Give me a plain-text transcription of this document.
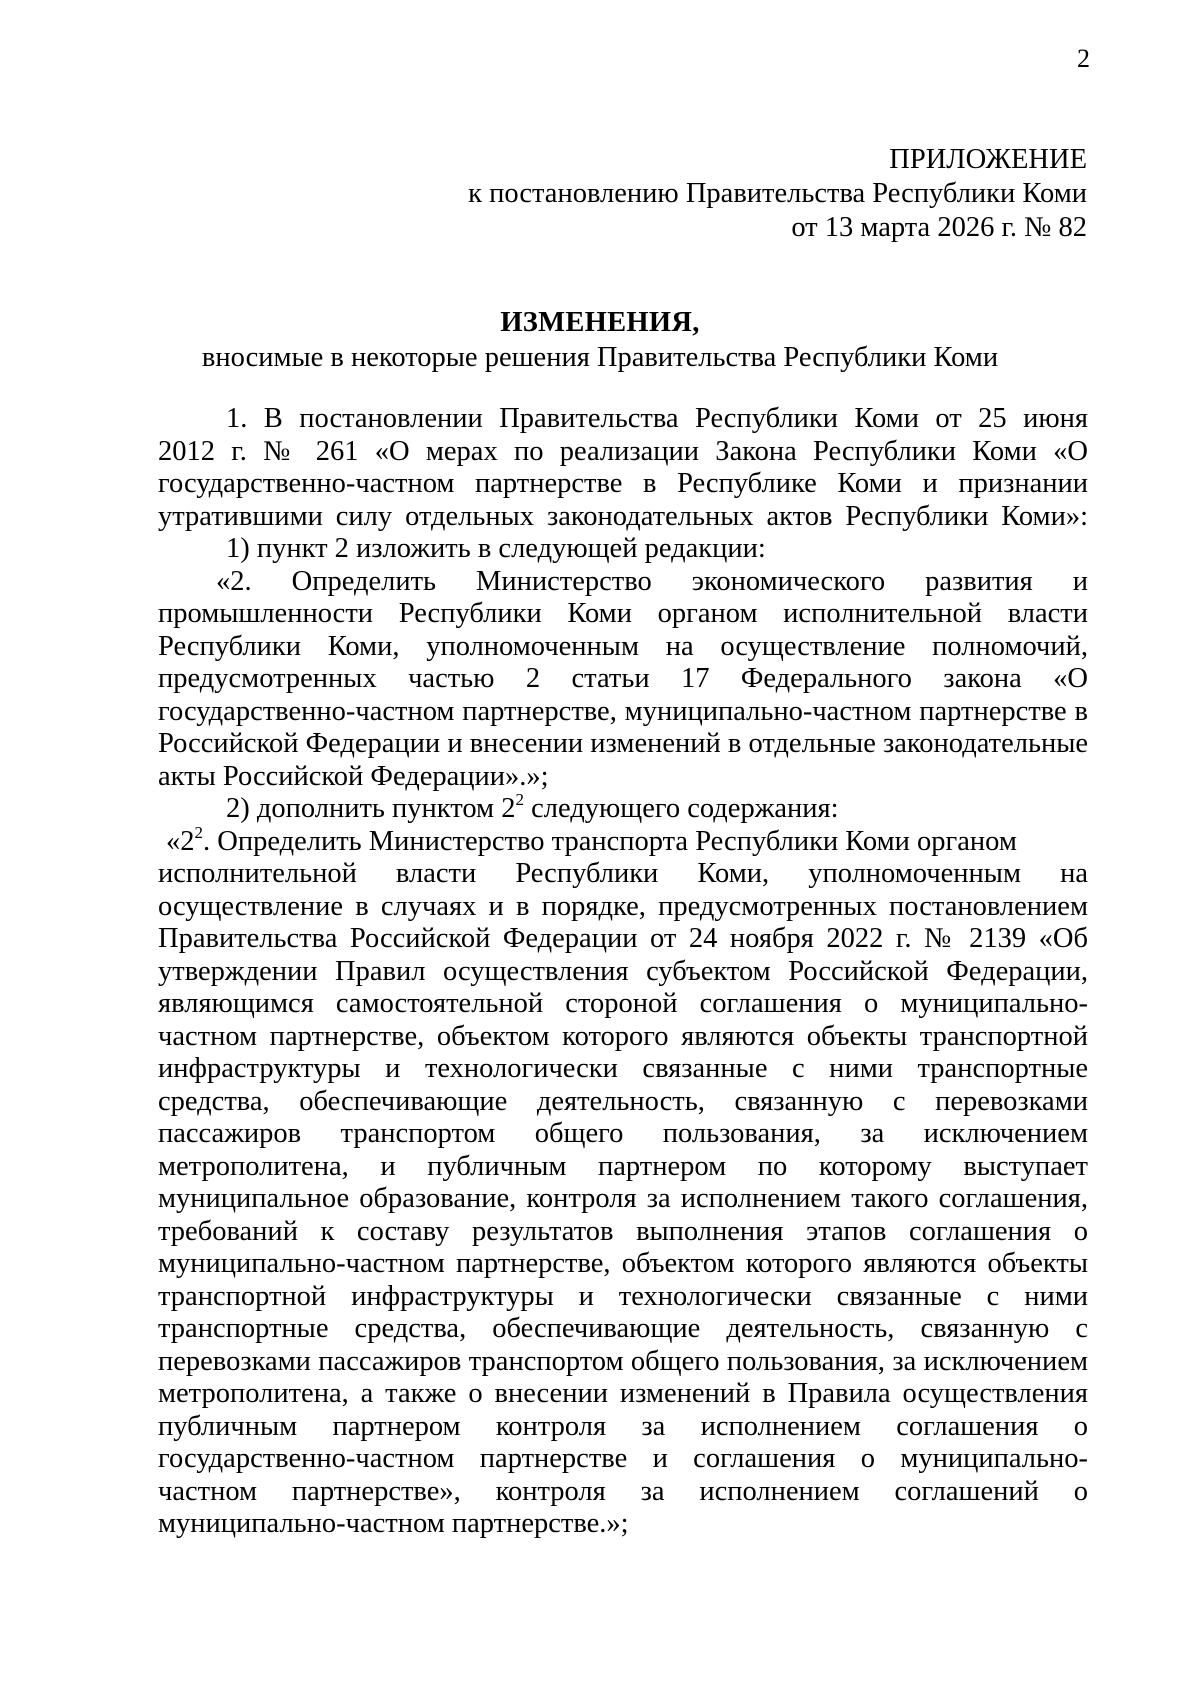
2
ПРИЛОЖЕНИЕ
к постановлению Правительства Республики Коми
от 13 марта 2026 г. № 82
ИЗМЕНЕНИЯ,
вносимые в некоторые решения Правительства Республики Коми
1. В постановлении Правительства Республики Коми от 25 июня
2012 г. № 261 «О мерах по реализации Закона Республики Коми «О
государственно-частном партнерстве в Республике Коми и признании
утратившими силу отдельных законодательных актов Республики Коми»:
1) пункт 2 изложить в следующей редакции:
«2. Определить Министерство экономического развития и
промышленности Республики Коми органом исполнительной власти
Республики Коми, уполномоченным на осуществление полномочий,
предусмотренных частью 2 статьи 17 Федерального закона «О
государственно-частном партнерстве, муниципально-частном партнерстве в
Российской Федерации и внесении изменений в отдельные законодательные
акты Российской Федерации».»;
2) дополнить пунктом $2^2$ следующего содержания:
«$2^2$. Определить Министерство транспорта Республики Коми органом
исполнительной власти Республики Коми, уполномоченным на
осуществление в случаях и в порядке, предусмотренных постановлением
Правительства Российской Федерации от 24 ноября 2022 г. № 2139 «Об
утверждении Правил осуществления субъектом Российской Федерации,
являющимся самостоятельной стороной соглашения о муниципально-
частном партнерстве, объектом которого являются объекты транспортной
инфраструктуры и технологически связанные с ними транспортные
средства, обеспечивающие деятельность, связанную с перевозками
пассажиров транспортом общего пользования, за исключением
метрополитена, и публичным партнером по которому выступает
муниципальное образование, контроля за исполнением такого соглашения,
требований к составу результатов выполнения этапов соглашения о
муниципально-частном партнерстве, объектом которого являются объекты
транспортной инфраструктуры и технологически связанные с ними
транспортные средства, обеспечивающие деятельность, связанную с
перевозками пассажиров транспортом общего пользования, за исключением
метрополитена, а также о внесении изменений в Правила осуществления
публичным партнером контроля за исполнением соглашения о
государственно-частном партнерстве и соглашения о муниципально-
частном партнерстве», контроля за исполнением соглашений о
муниципально-частном партнерстве.»;
